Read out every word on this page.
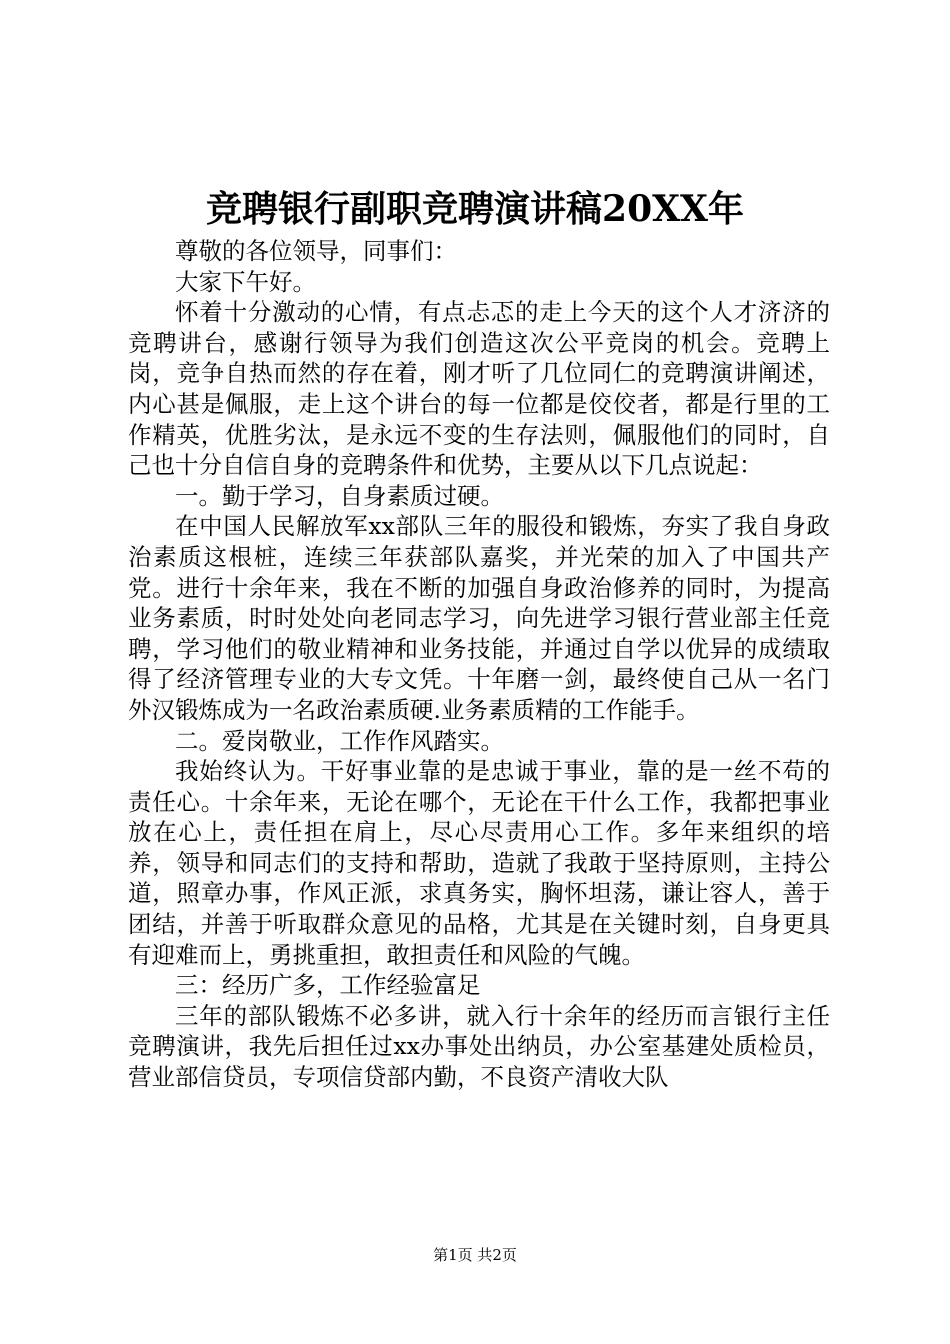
竞聘银行副职竞聘演讲稿20XX年

尊敬的各位领导，同事们：

大家下午好。

怀着十分激动的心情，有点忐忑的走上今天的这个人才济济的竞聘讲台，感谢行领导为我们创造这次公平竞岗的机会。竞聘上岗，竞争自热而然的存在着，刚才听了几位同仁的竞聘演讲阐述，内心甚是佩服，走上这个讲台的每一位都是佼佼者，都是行里的工作精英，优胜劣汰，是永远不变的生存法则，佩服他们的同时，自己也十分自信自身的竞聘条件和优势，主要从以下几点说起：

一。勤于学习，自身素质过硬。

在中国人民解放军xx部队三年的服役和锻炼，夯实了我自身政治素质这根桩，连续三年获部队嘉奖，并光荣的加入了中国共产党。进行十余年来，我在不断的加强自身政治修养的同时，为提高业务素质，时时处处向老同志学习，向先进学习银行营业部主任竞聘，学习他们的敬业精神和业务技能，并通过自学以优异的成绩取得了经济管理专业的大专文凭。十年磨一剑，最终使自己从一名门外汉锻炼成为一名政治素质硬.业务素质精的工作能手。

二。爱岗敬业，工作作风踏实。

我始终认为。干好事业靠的是忠诚于事业，靠的是一丝不苟的责任心。十余年来，无论在哪个，无论在干什么工作，我都把事业放在心上，责任担在肩上，尽心尽责用心工作。多年来组织的培养，领导和同志们的支持和帮助，造就了我敢于坚持原则，主持公道，照章办事，作风正派，求真务实，胸怀坦荡，谦让容人，善于团结，并善于听取群众意见的品格，尤其是在关键时刻，自身更具有迎难而上，勇挑重担，敢担责任和风险的气魄。

三：经历广多，工作经验富足

三年的部队锻炼不必多讲，就入行十余年的经历而言银行主任竞聘演讲，我先后担任过xx办事处出纳员，办公室基建处质检员，营业部信贷员，专项信贷部内勤，不良资产清收大队

第1页 共2页
